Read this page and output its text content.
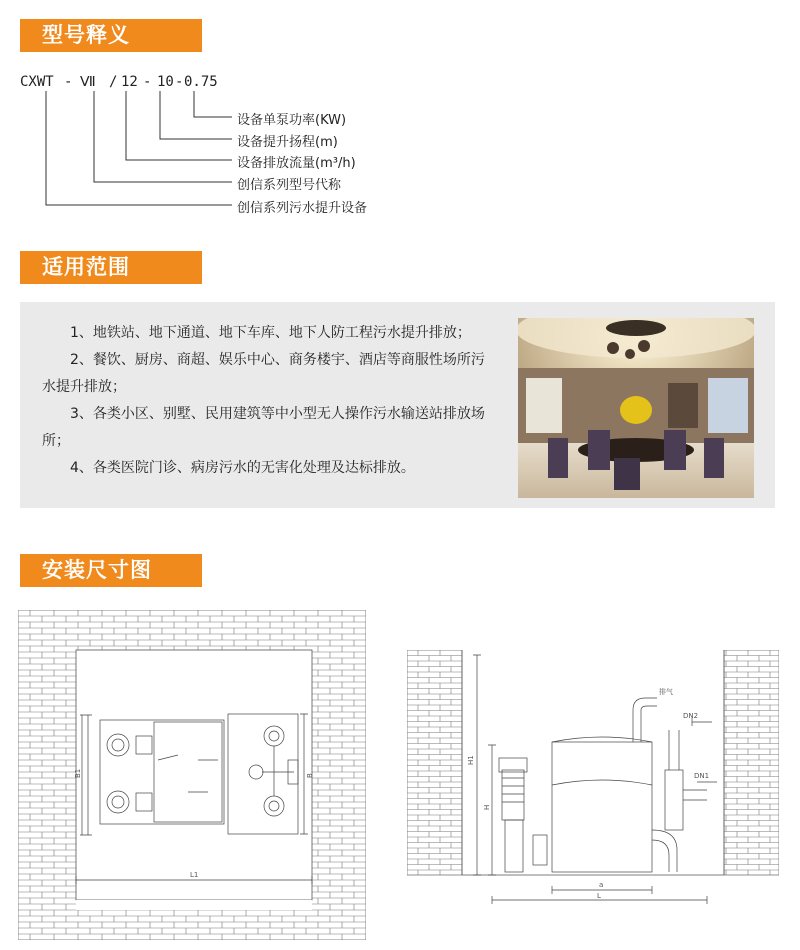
型号释义
CXWT - Ⅶ / 12 - 10 - 0.75
设备单泵功率(KW)
设备提升扬程(m)
设备排放流量(m³/h)
创信系列型号代称
创信系列污水提升设备
适用范围

1、地铁站、地下通道、地下车库、地下人防工程污水提升排放；

2、餐饮、厨房、商超、娱乐中心、商务楼宇、酒店等商服性场所污水提升排放；

3、各类小区、别墅、民用建筑等中小型无人操作污水输送站排放场所；

4、各类医院门诊、病房污水的无害化处理及达标排放。

安装尺寸图
B1	B
L1
排气
DN2
DN1
H1
H
a
L
